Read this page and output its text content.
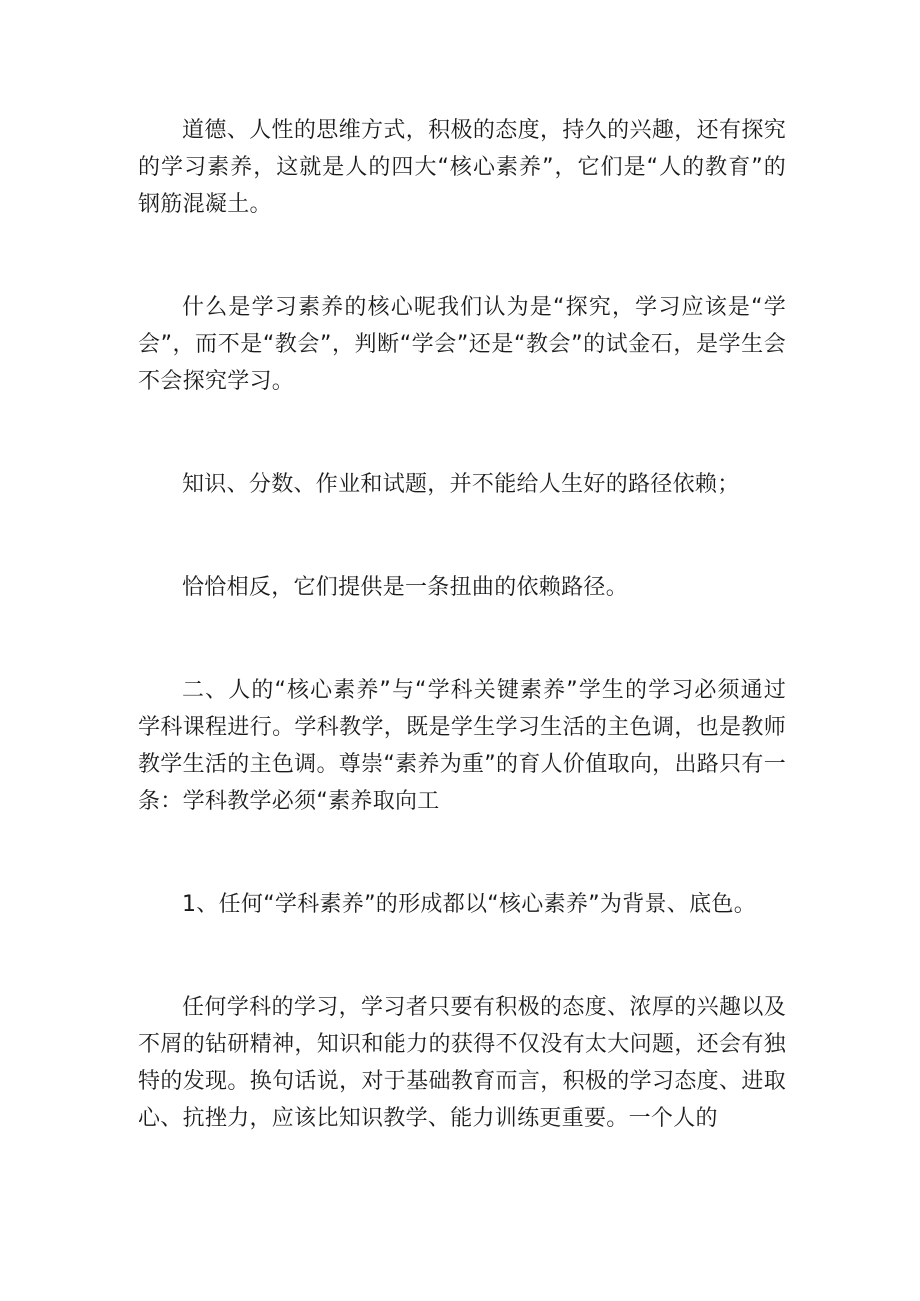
道德、人性的思维方式，积极的态度，持久的兴趣，还有探究的学习素养，这就是人的四大“核心素养”，它们是“人的教育”的钢筋混凝土。

什么是学习素养的核心呢我们认为是“探究，学习应该是“学会”，而不是“教会”，判断“学会”还是“教会”的试金石，是学生会不会探究学习。

知识、分数、作业和试题，并不能给人生好的路径依赖；

恰恰相反，它们提供是一条扭曲的依赖路径。

二、人的“核心素养”与“学科关键素养”学生的学习必须通过学科课程进行。学科教学，既是学生学习生活的主色调，也是教师教学生活的主色调。尊崇“素养为重”的育人价值取向，出路只有一条：学科教学必须“素养取向工

1、任何“学科素养”的形成都以“核心素养”为背景、底色。

任何学科的学习，学习者只要有积极的态度、浓厚的兴趣以及不屑的钻研精神，知识和能力的获得不仅没有太大问题，还会有独特的发现。换句话说，对于基础教育而言，积极的学习态度、进取心、抗挫力，应该比知识教学、能力训练更重要。一个人的
